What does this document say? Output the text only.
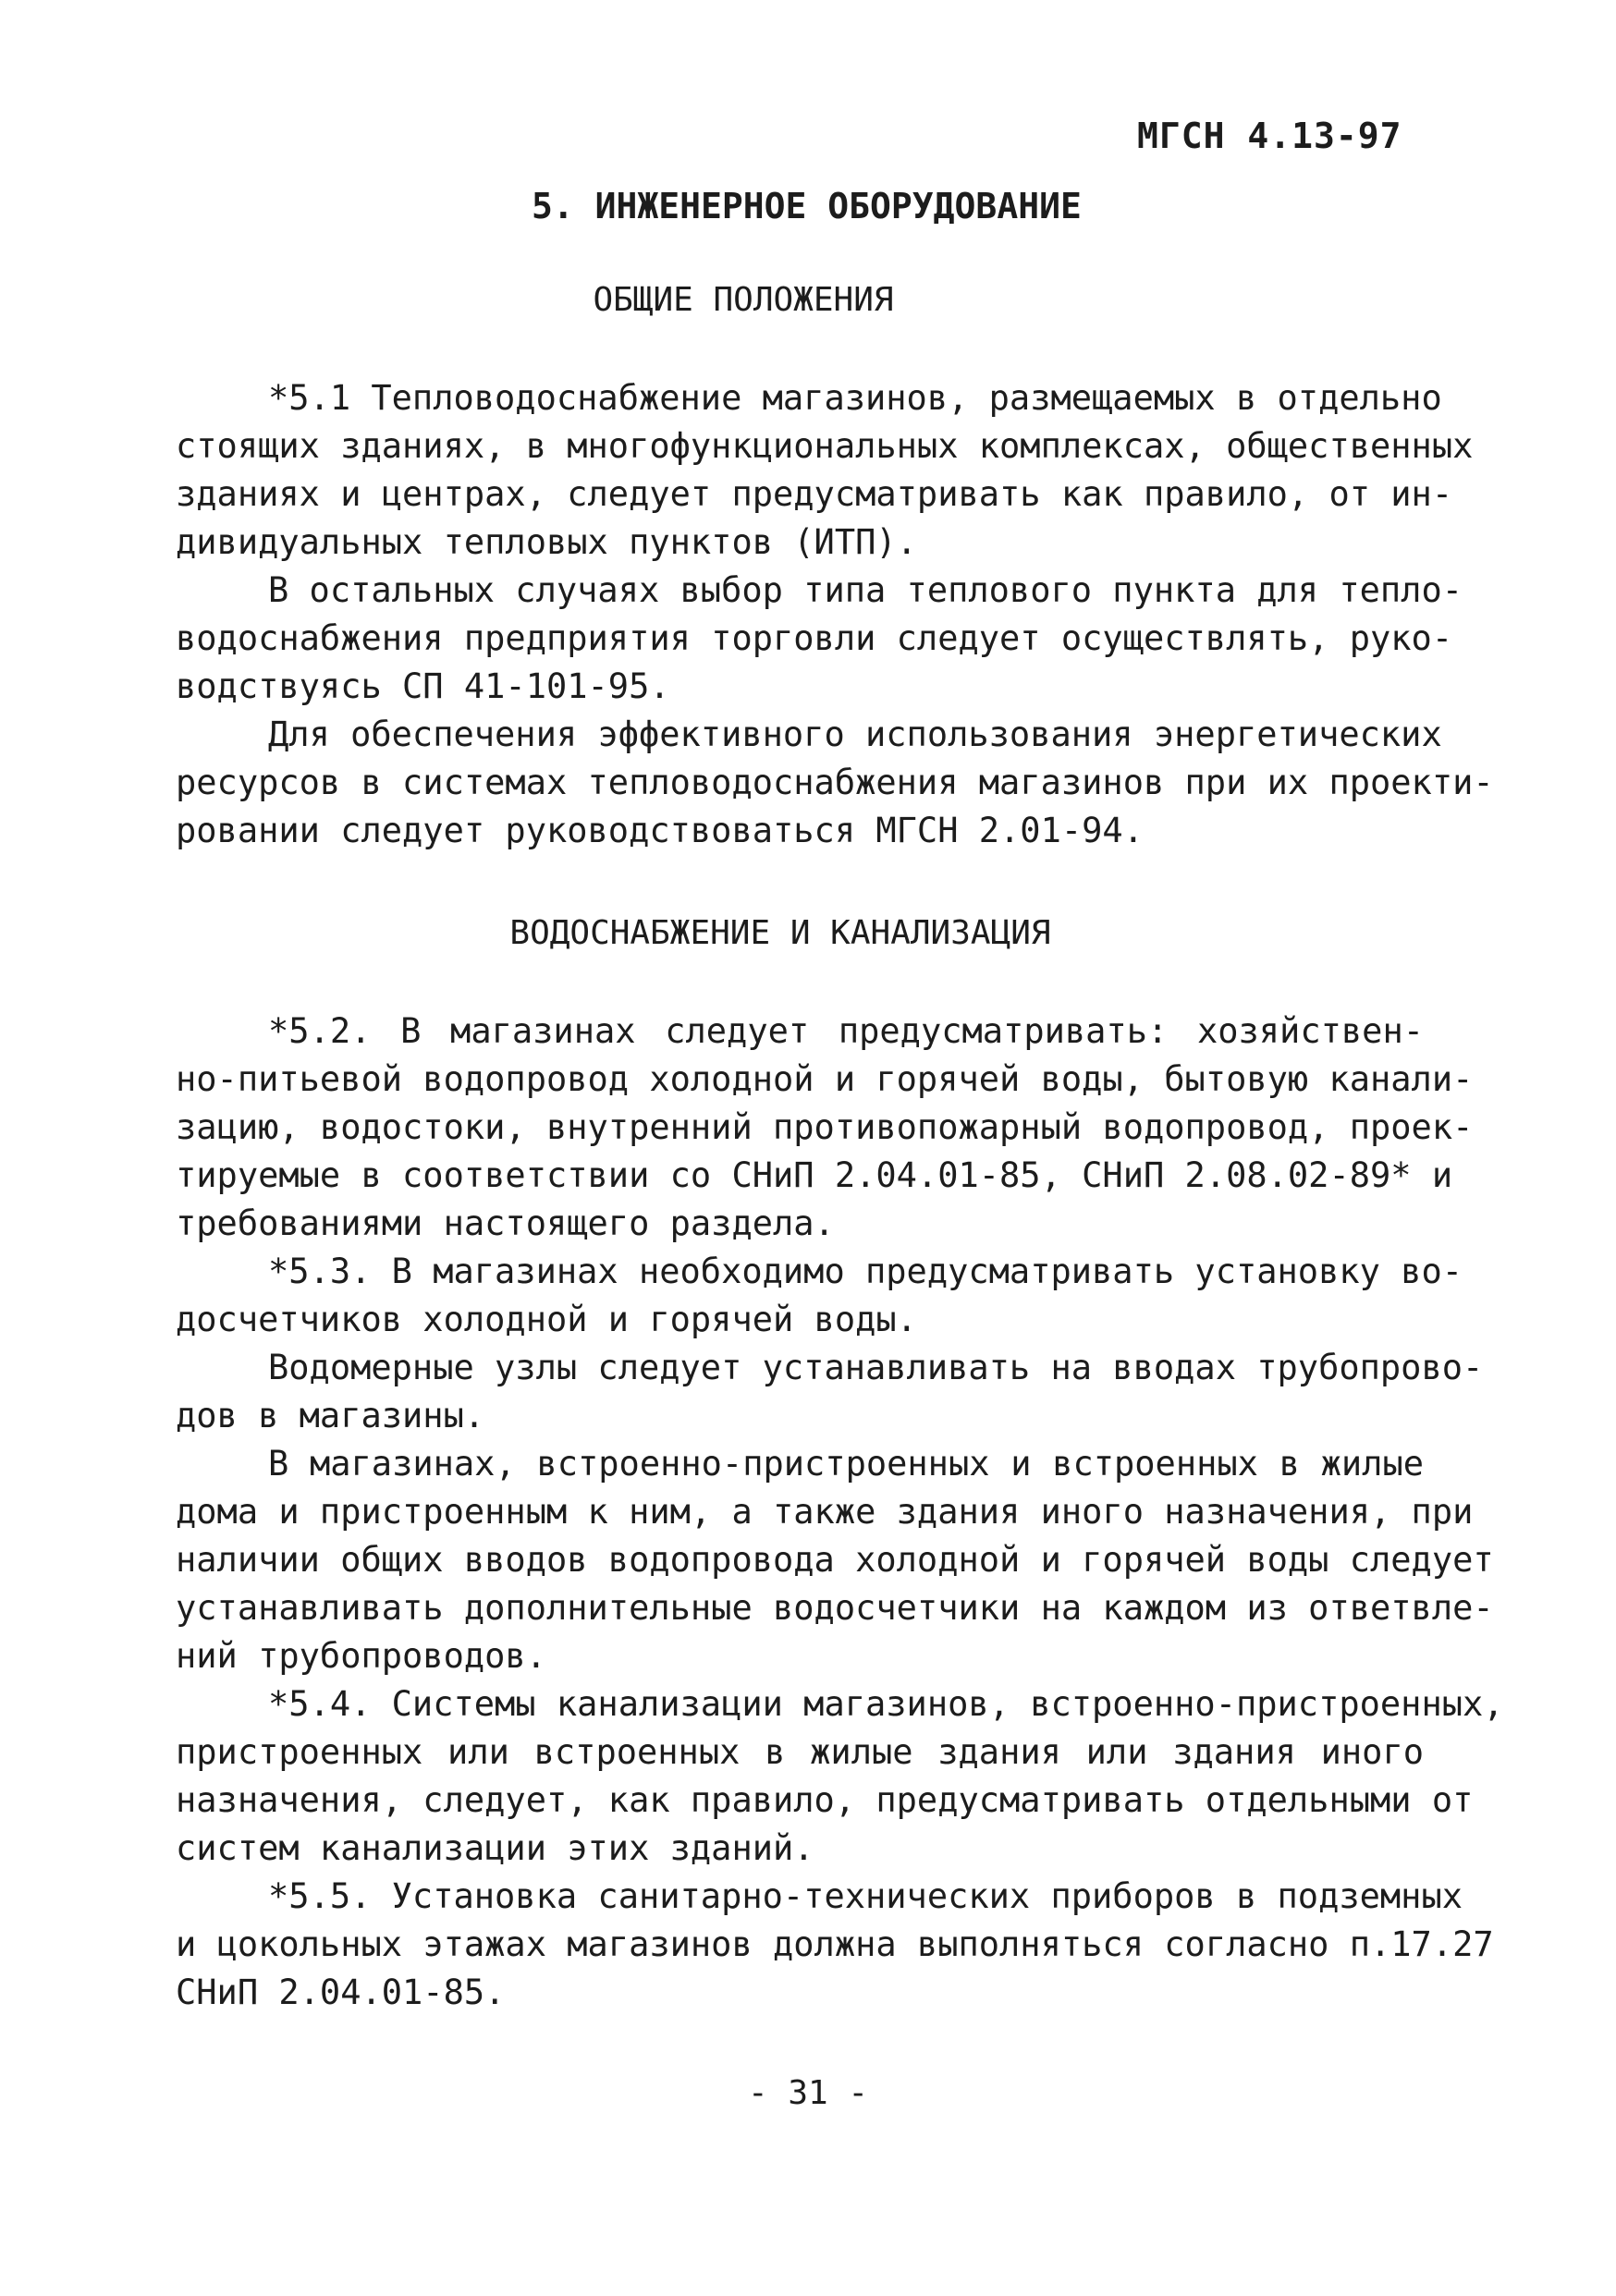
МГСН 4.13-97
5. ИНЖЕНЕРНОЕ ОБОРУДОВАНИЕ
ОБЩИЕ ПОЛОЖЕНИЯ
*5.1 Тепловодоснабжение магазинов, размещаемых в отдельно
стоящих зданиях, в многофункциональных комплексах, общественных
зданиях и центрах, следует предусматривать как правило, от ин-
дивидуальных тепловых пунктов (ИТП).
В остальных случаях выбор типа теплового пункта для тепло-
водоснабжения предприятия торговли следует осуществлять, руко-
водствуясь СП 41-101-95.
Для обеспечения эффективного использования энергетических
ресурсов в системах тепловодоснабжения магазинов при их проекти-
ровании следует руководствоваться МГСН 2.01-94.
ВОДОСНАБЖЕНИЕ И КАНАЛИЗАЦИЯ
*5.2. В магазинах следует предусматривать: хозяйствен-
но-питьевой водопровод холодной и горячей воды, бытовую канали-
зацию, водостоки, внутренний противопожарный водопровод, проек-
тируемые в соответствии со СНиП 2.04.01-85, СНиП 2.08.02-89* и
требованиями настоящего раздела.
*5.3. В магазинах необходимо предусматривать установку во-
досчетчиков холодной и горячей воды.
Водомерные узлы следует устанавливать на вводах трубопрово-
дов в магазины.
В магазинах, встроенно-пристроенных и встроенных в жилые
дома и пристроенным к ним, а также здания иного назначения, при
наличии общих вводов водопровода холодной и горячей воды следует
устанавливать дополнительные водосчетчики на каждом из ответвле-
ний трубопроводов.
*5.4. Системы канализации магазинов, встроенно-пристроенных,
пристроенных или встроенных в жилые здания или здания иного
назначения, следует, как правило, предусматривать отдельными от
систем канализации этих зданий.
*5.5. Установка санитарно-технических приборов в подземных
и цокольных этажах магазинов должна выполняться согласно п.17.27
СНиП 2.04.01-85.
- 31 -
